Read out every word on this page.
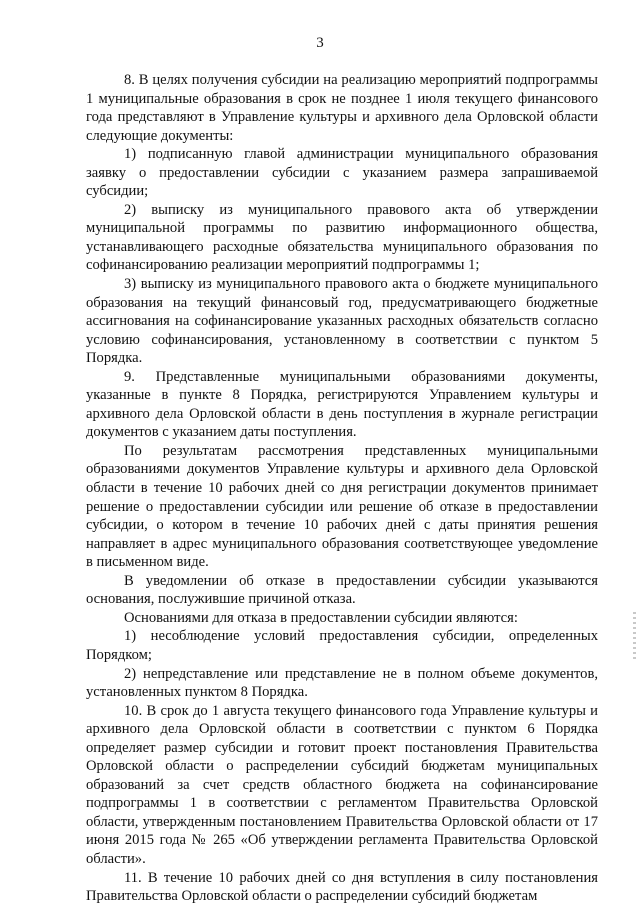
3

8. В целях получения субсидии на реализацию мероприятий подпрограммы 1 муниципальные образования в срок не позднее 1 июля текущего финансового года представляют в Управление культуры и архивного дела Орловской области следующие документы:

1) подписанную главой администрации муниципального образования заявку о предоставлении субсидии с указанием размера запрашиваемой субсидии;

2) выписку из муниципального правового акта об утверждении муниципальной программы по развитию информационного общества, устанавливающего расходные обязательства муниципального образования по софинансированию реализации мероприятий подпрограммы 1;

3) выписку из муниципального правового акта о бюджете муниципального образования на текущий финансовый год, предусматривающего бюджетные ассигнования на софинансирование указанных расходных обязательств согласно условию софинансирования, установленному в соответствии с пунктом 5 Порядка.

9. Представленные муниципальными образованиями документы, указанные в пункте 8 Порядка, регистрируются Управлением культуры и архивного дела Орловской области в день поступления в журнале регистрации документов с указанием даты поступления.

По результатам рассмотрения представленных муниципальными образованиями документов Управление культуры и архивного дела Орловской области в течение 10 рабочих дней со дня регистрации документов принимает решение о предоставлении субсидии или решение об отказе в предоставлении субсидии, о котором в течение 10 рабочих дней с даты принятия решения направляет в адрес муниципального образования соответствующее уведомление в письменном виде.

В уведомлении об отказе в предоставлении субсидии указываются основания, послужившие причиной отказа.

Основаниями для отказа в предоставлении субсидии являются:

1) несоблюдение условий предоставления субсидии, определенных Порядком;

2) непредставление или представление не в полном объеме документов, установленных пунктом 8 Порядка.

10. В срок до 1 августа текущего финансового года Управление культуры и архивного дела Орловской области в соответствии с пунктом 6 Порядка определяет размер субсидии и готовит проект постановления Правительства Орловской области о распределении субсидий бюджетам муниципальных образований за счет средств областного бюджета на софинансирование подпрограммы 1 в соответствии с регламентом Правительства Орловской области, утвержденным постановлением Правительства Орловской области от 17 июня 2015 года № 265 «Об утверждении регламента Правительства Орловской области».

11. В течение 10 рабочих дней со дня вступления в силу постановления Правительства Орловской области о распределении субсидий бюджетам
